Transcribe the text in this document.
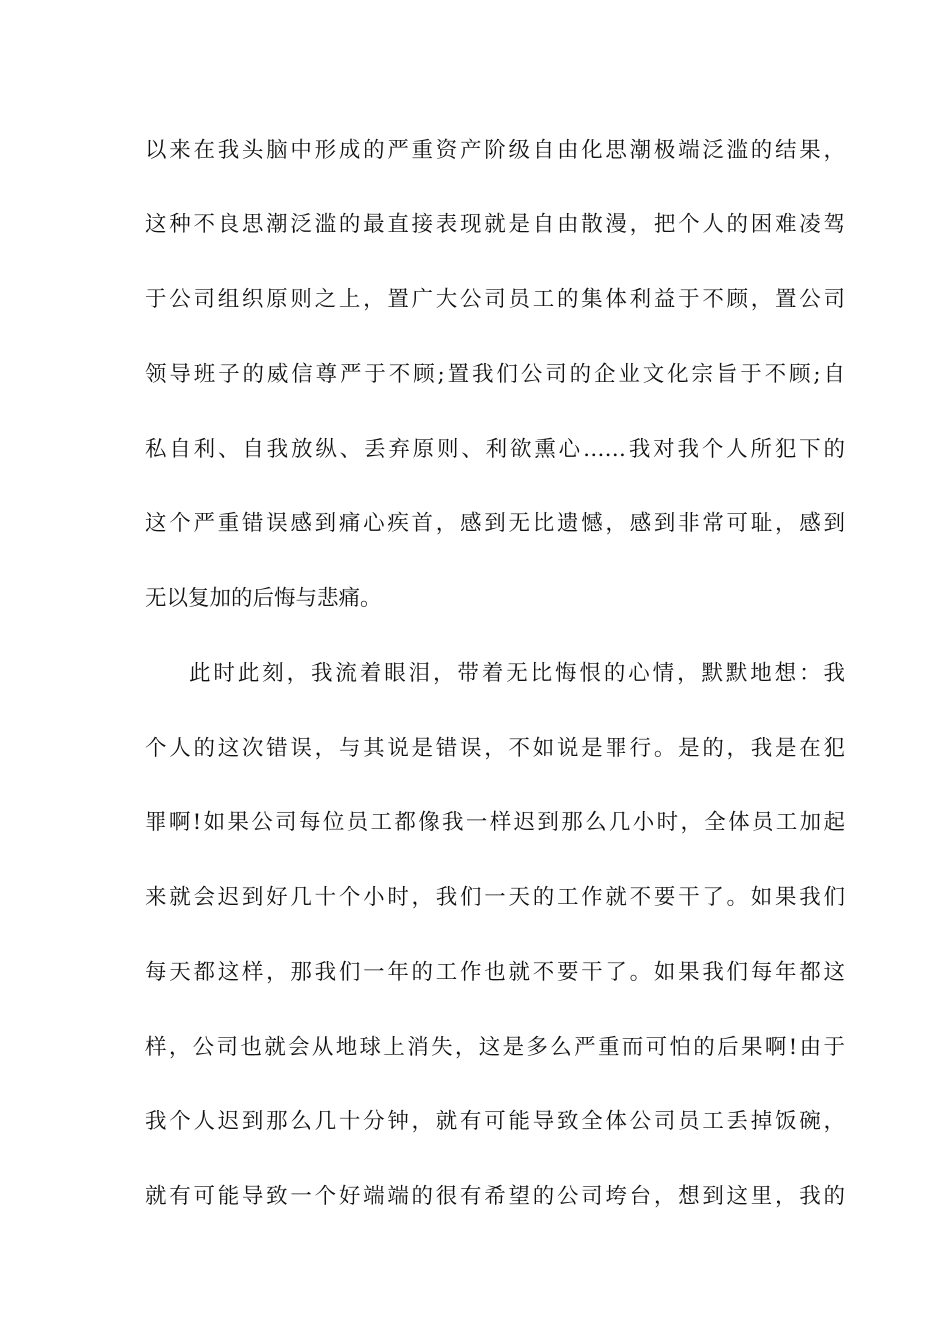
以来在我头脑中形成的严重资产阶级自由化思潮极端泛滥的结果，

这种不良思潮泛滥的最直接表现就是自由散漫，把个人的困难凌驾

于公司组织原则之上，置广大公司员工的集体利益于不顾，置公司

领导班子的威信尊严于不顾;置我们公司的企业文化宗旨于不顾;自

私自利、自我放纵、丢弃原则、利欲熏心……我对我个人所犯下的

这个严重错误感到痛心疾首，感到无比遗憾，感到非常可耻，感到

无以复加的后悔与悲痛。

此时此刻，我流着眼泪，带着无比悔恨的心情，默默地想：我

个人的这次错误，与其说是错误，不如说是罪行。是的，我是在犯

罪啊!如果公司每位员工都像我一样迟到那么几小时，全体员工加起

来就会迟到好几十个小时，我们一天的工作就不要干了。如果我们

每天都这样，那我们一年的工作也就不要干了。如果我们每年都这

样，公司也就会从地球上消失，这是多么严重而可怕的后果啊!由于

我个人迟到那么几十分钟，就有可能导致全体公司员工丢掉饭碗，

就有可能导致一个好端端的很有希望的公司垮台，想到这里，我的
